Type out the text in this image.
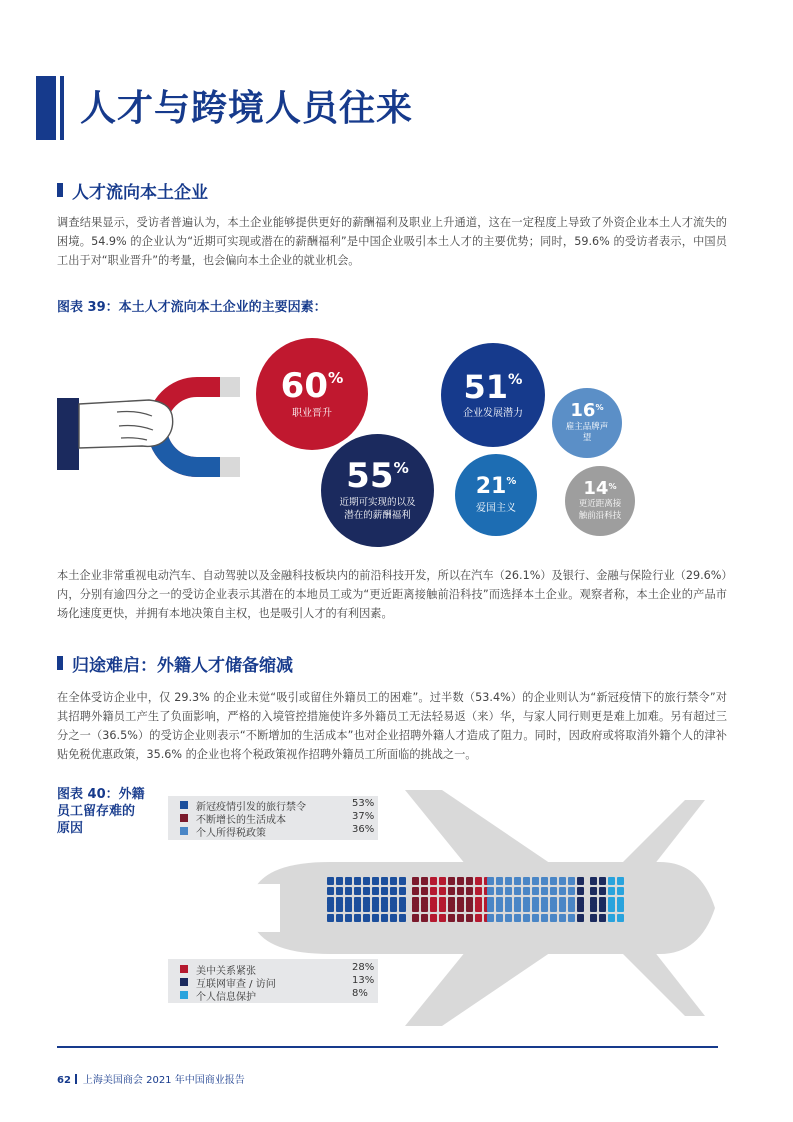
人才与跨境人员往来
人才流向本土企业
调查结果显示，受访者普遍认为，本土企业能够提供更好的薪酬福利及职业上升通道，这在一定程度上导致了外资企业本土人才流失的困境。54.9% 的企业认为“近期可实现或潜在的薪酬福利”是中国企业吸引本土人才的主要优势；同时，59.6% 的受访者表示，中国员工出于对“职业晋升”的考量，也会偏向本土企业的就业机会。
图表 39：本土人才流向本土企业的主要因素：
60%
职业晋升
55%
近期可实现的以及潜在的薪酬福利
51%
企业发展潜力	16%
雇主品牌声望
21%
爱国主义
14%
更近距离接触前沿科技
本土企业非常重视电动汽车、自动驾驶以及金融科技板块内的前沿科技开发，所以在汽车（26.1%）及银行、金融与保险行业（29.6%）内，分别有逾四分之一的受访企业表示其潜在的本地员工或为“更近距离接触前沿科技”而选择本土企业。观察者称，本土企业的产品市场化速度更快，并拥有本地决策自主权，也是吸引人才的有利因素。
归途难启：外籍人才储备缩减
在全体受访企业中，仅 29.3% 的企业未觉“吸引或留住外籍员工的困难”。过半数（53.4%）的企业则认为“新冠疫情下的旅行禁令”对其招聘外籍员工产生了负面影响，严格的入境管控措施使许多外籍员工无法轻易返（来）华，与家人同行则更是难上加难。另有超过三分之一（36.5%）的受访企业则表示“不断增加的生活成本”也对企业招聘外籍人才造成了阻力。同时，因政府或将取消外籍个人的津补贴免税优惠政策，35.6% 的企业也将个税政策视作招聘外籍员工所面临的挑战之一。
图表 40：外籍
员工留存难的
原因
新冠疫情引发的旅行禁令	53%
不断增长的生活成本	37%
个人所得税政策	36%
美中关系紧张	28%
互联网审查 / 访问	13%
个人信息保护	8%
62 上海美国商会 2021 年中国商业报告
